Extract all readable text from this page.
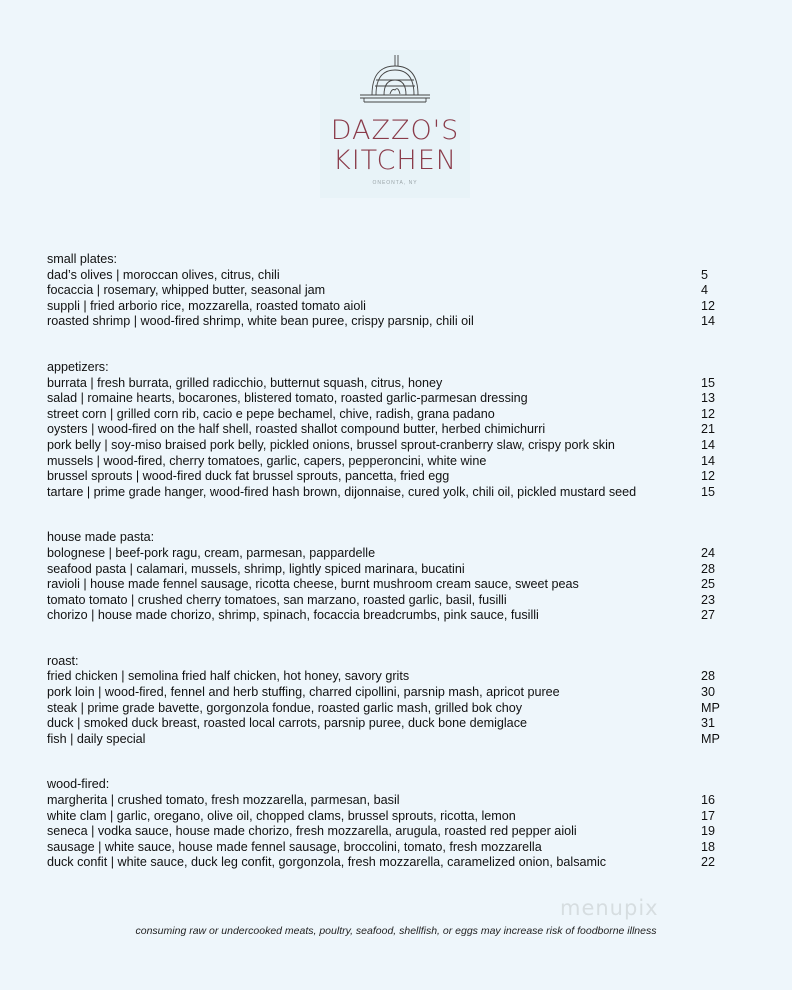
DAZZO'S
KITCHEN
ONEONTA, NY
small plates:
dad’s olives | moroccan olives, citrus, chili	5
focaccia | rosemary, whipped butter, seasonal jam	4
suppli | fried arborio rice, mozzarella, roasted tomato aioli	12
roasted shrimp | wood-fired shrimp, white bean puree, crispy parsnip, chili oil	14
appetizers:
burrata | fresh burrata, grilled radicchio, butternut squash, citrus, honey	15
salad | romaine hearts, bocarones, blistered tomato, roasted garlic-parmesan dressing	13
street corn | grilled corn rib, cacio e pepe bechamel, chive, radish, grana padano	12
oysters | wood-fired on the half shell, roasted shallot compound butter, herbed chimichurri	21
pork belly | soy-miso braised pork belly, pickled onions, brussel sprout-cranberry slaw, crispy pork skin	14
mussels | wood-fired, cherry tomatoes, garlic, capers, pepperoncini, white wine	14
brussel sprouts | wood-fired duck fat brussel sprouts, pancetta, fried egg	12
tartare | prime grade hanger, wood-fired hash brown, dijonnaise, cured yolk, chili oil, pickled mustard seed	15
house made pasta:
bolognese | beef-pork ragu, cream, parmesan, pappardelle	24
seafood pasta | calamari, mussels, shrimp, lightly spiced marinara, bucatini	28
ravioli | house made fennel sausage, ricotta cheese, burnt mushroom cream sauce, sweet peas	25
tomato tomato | crushed cherry tomatoes, san marzano, roasted garlic, basil, fusilli	23
chorizo | house made chorizo, shrimp, spinach, focaccia breadcrumbs, pink sauce, fusilli	27
roast:
fried chicken | semolina fried half chicken, hot honey, savory grits	28
pork loin | wood-fired, fennel and herb stuffing, charred cipollini, parsnip mash, apricot puree	30
steak | prime grade bavette, gorgonzola fondue, roasted garlic mash, grilled bok choy	MP
duck | smoked duck breast, roasted local carrots, parsnip puree, duck bone demiglace	31
fish | daily special	MP
wood-fired:
margherita | crushed tomato, fresh mozzarella, parmesan, basil	16
white clam | garlic, oregano, olive oil, chopped clams, brussel sprouts, ricotta, lemon	17
seneca | vodka sauce, house made chorizo, fresh mozzarella, arugula, roasted red pepper aioli	19
sausage | white sauce, house made fennel sausage, broccolini, tomato, fresh mozzarella	18
duck confit | white sauce, duck leg confit, gorgonzola, fresh mozzarella, caramelized onion, balsamic	22
menupix
consuming raw or undercooked meats, poultry, seafood, shellfish, or eggs may increase risk of foodborne illness
